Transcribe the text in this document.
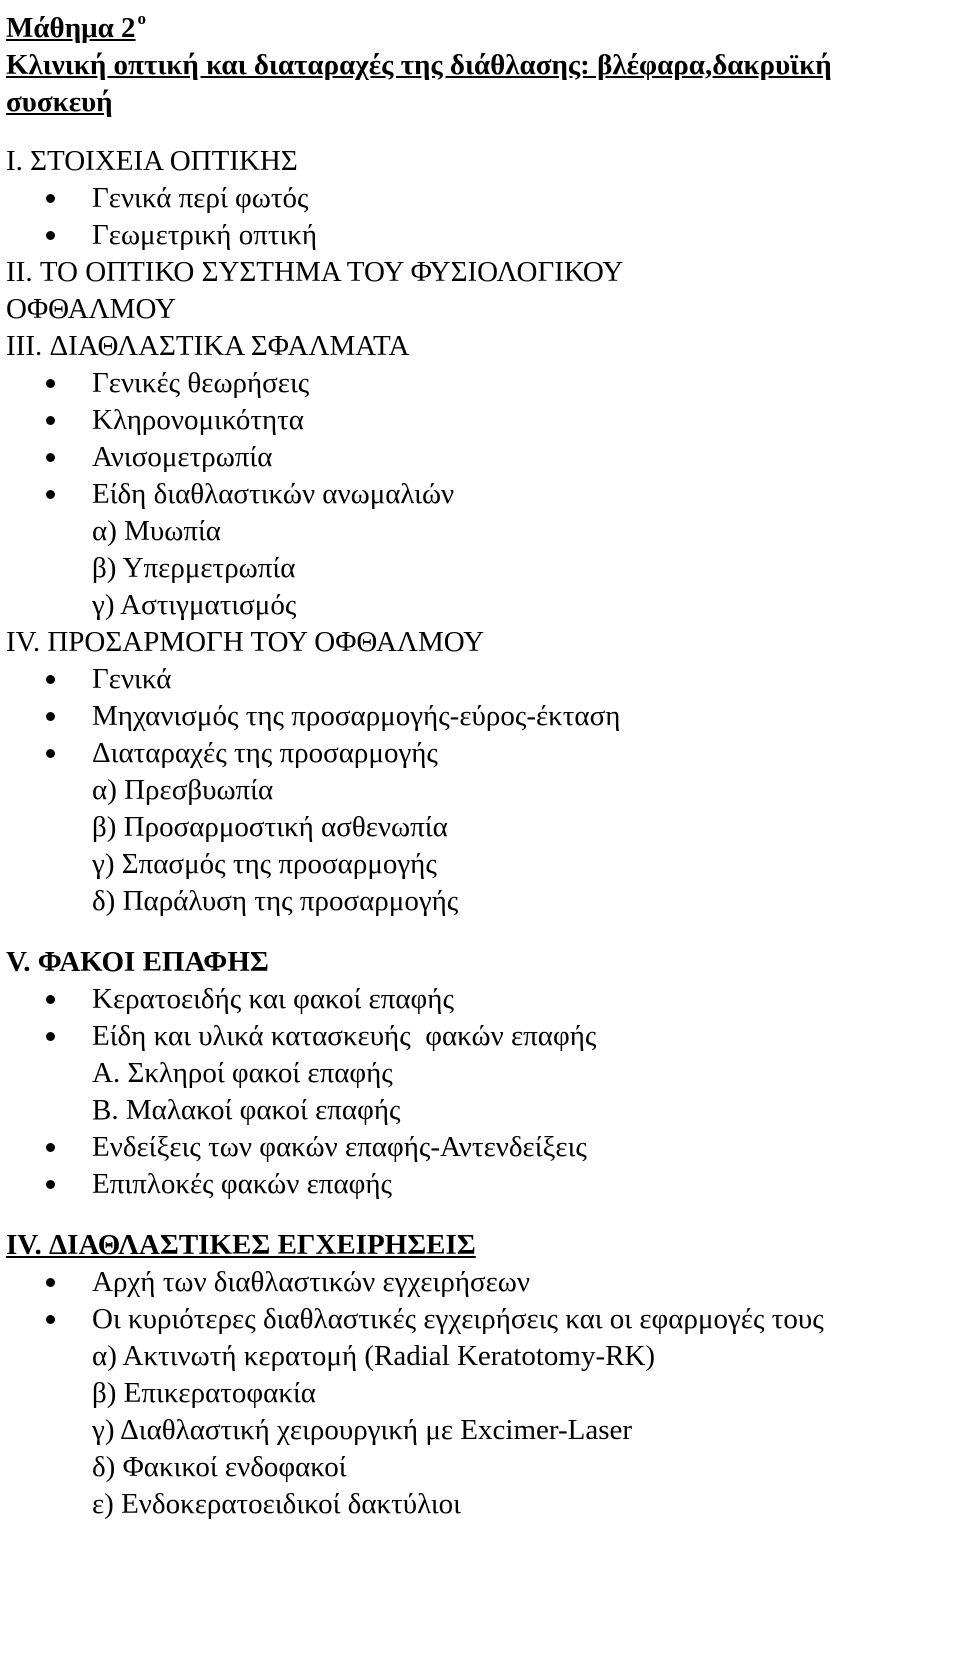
Μάθημα 2 ο
Κλινική οπτική και διαταραχές της διάθλασης: βλέφαρα,δακρυϊκή
συσκευή
I. ΣΤΟΙΧΕΙΑ ΟΠΤΙΚΗΣ
Γενικά περί φωτός
Γεωμετρική οπτική
II. ΤΟ ΟΠΤΙΚΟ ΣΥΣΤΗΜΑ ΤΟΥ ΦΥΣΙΟΛΟΓΙΚΟΥ
ΟΦΘΑΛΜΟΥ
III. ΔΙΑΘΛΑΣΤΙΚΑ ΣΦΑΛΜΑΤΑ
Γενικές θεωρήσεις
Κληρονομικότητα
Ανισομετρωπία
Είδη διαθλαστικών ανωμαλιών
α) Μυωπία
β) Υπερμετρωπία
γ) Αστιγματισμός
IV. ΠΡΟΣΑΡΜΟΓΗ ΤΟΥ ΟΦΘΑΛΜΟΥ
Γενικά
Μηχανισμός της προσαρμογής-εύρος-έκταση
Διαταραχές της προσαρμογής
α) Πρεσβυωπία
β) Προσαρμοστική ασθενωπία
γ) Σπασμός της προσαρμογής
δ) Παράλυση της προσαρμογής
V. ΦΑΚΟΙ ΕΠΑΦΗΣ
Κερατοειδής και φακοί επαφής
Είδη και υλικά κατασκευής  φακών επαφής
Α. Σκληροί φακοί επαφής
Β. Μαλακοί φακοί επαφής
Ενδείξεις των φακών επαφής-Αντενδείξεις
Επιπλοκές φακών επαφής
IV. ΔΙΑΘΛΑΣΤΙΚΕΣ ΕΓΧΕΙΡΗΣΕΙΣ
Αρχή των διαθλαστικών εγχειρήσεων
Οι κυριότερες διαθλαστικές εγχειρήσεις και οι εφαρμογές τους
α) Ακτινωτή κερατομή (Radial Keratotomy-RK)
β) Επικερατοφακία
γ) Διαθλαστική χειρουργική με Excimer-Laser
δ) Φακικοί ενδοφακοί
ε) Ενδοκερατοειδικοί δακτύλιοι
